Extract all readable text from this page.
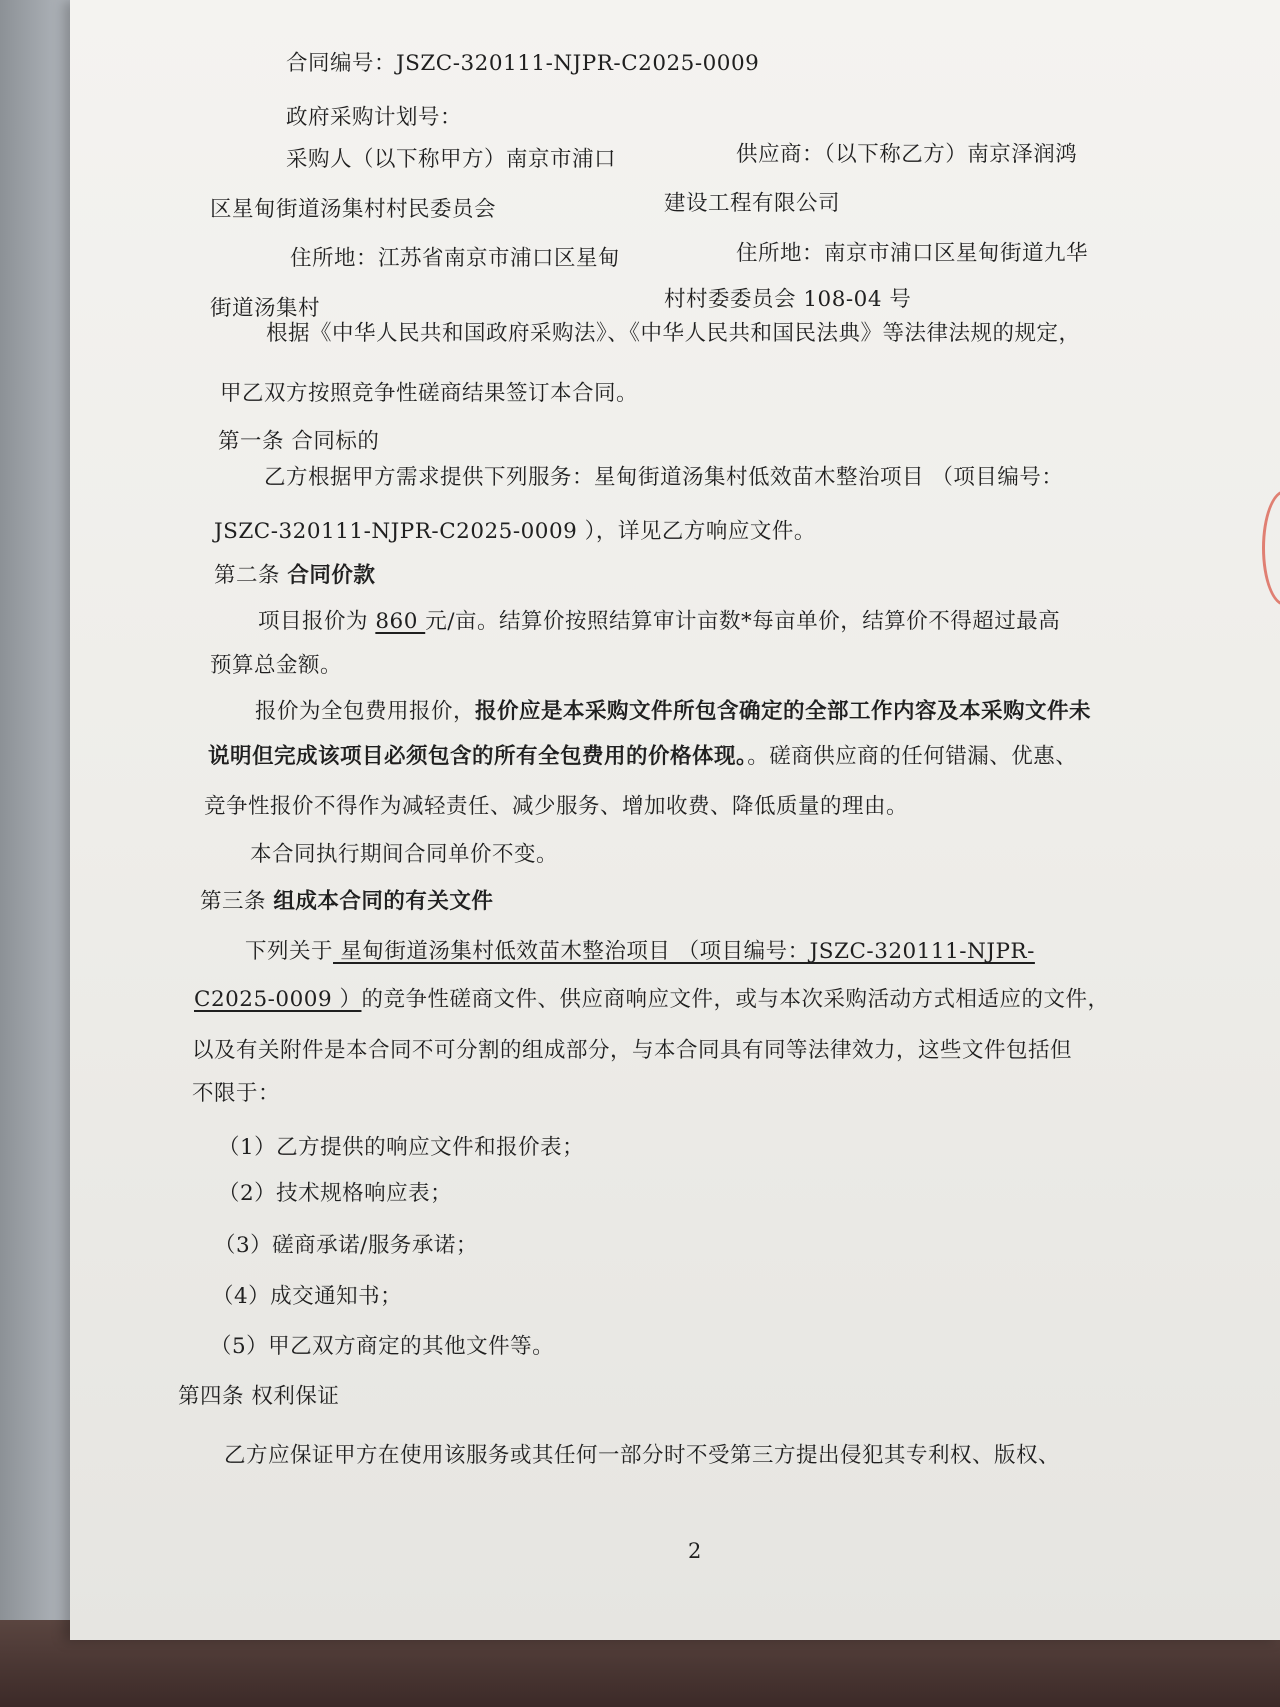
合同编号：JSZC-320111-NJPR-C2025-0009

政府采购计划号：

采购人（以下称甲方）南京市浦口	供应商：（以下称乙方）南京泽润鸿

区星甸街道汤集村村民委员会	建设工程有限公司

住所地：江苏省南京市浦口区星甸	住所地：南京市浦口区星甸街道九华

街道汤集村	村村委委员会 108-04 号

根据《中华人民共和国政府采购法》、《中华人民共和国民法典》等法律法规的规定，

甲乙双方按照竞争性磋商结果签订本合同。

第一条 合同标的

乙方根据甲方需求提供下列服务：星甸街道汤集村低效苗木整治项目 （项目编号：

JSZC-320111-NJPR-C2025-0009 ），详见乙方响应文件。

第二条 合同价款

项目报价为 860 元/亩。结算价按照结算审计亩数*每亩单价，结算价不得超过最高

预算总金额。

报价为全包费用报价，报价应是本采购文件所包含确定的全部工作内容及本采购文件未

说明但完成该项目必须包含的所有全包费用的价格体现。。磋商供应商的任何错漏、优惠、

竞争性报价不得作为减轻责任、减少服务、增加收费、降低质量的理由。

本合同执行期间合同单价不变。

第三条 组成本合同的有关文件

下列关于 星甸街道汤集村低效苗木整治项目 （项目编号：JSZC-320111-NJPR-

C2025-0009 ）的竞争性磋商文件、供应商响应文件，或与本次采购活动方式相适应的文件，

以及有关附件是本合同不可分割的组成部分，与本合同具有同等法律效力，这些文件包括但

不限于：

（1）乙方提供的响应文件和报价表；

（2）技术规格响应表；

（3）磋商承诺/服务承诺；

（4）成交通知书；

（5）甲乙双方商定的其他文件等。

第四条 权利保证

乙方应保证甲方在使用该服务或其任何一部分时不受第三方提出侵犯其专利权、版权、

2
